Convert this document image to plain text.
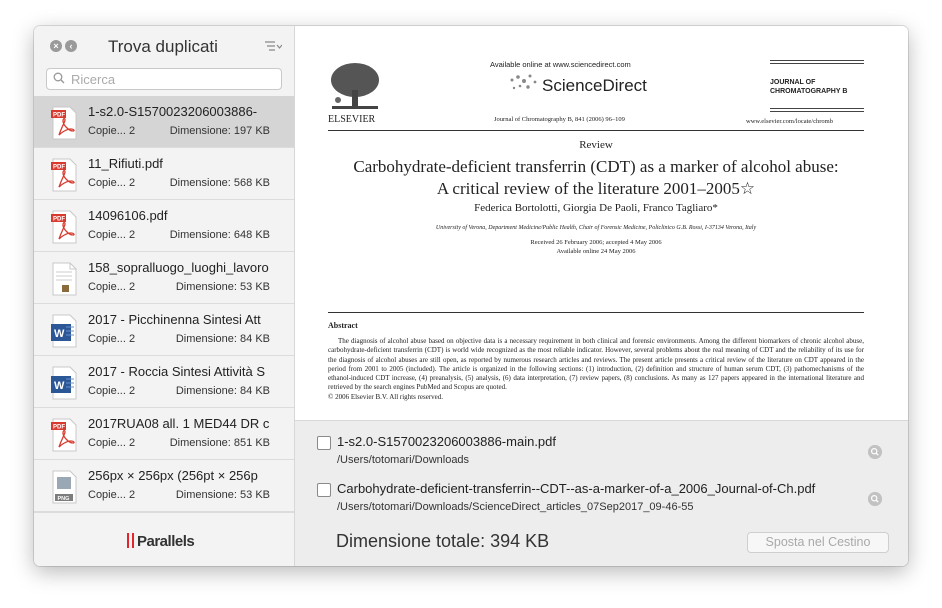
×	‹ Trova duplicati
Ricerca
PDF 1-s2.0-S1570023206003886-
Copie... 2	Dimensione: 197 KB
PDF 11_Rifiuti.pdf
Copie... 2	Dimensione: 568 KB
PDF 14096106.pdf
Copie... 2	Dimensione: 648 KB
158_sopralluogo_luoghi_lavoro
Copie... 2	Dimensione: 53 KB
W
2017 - Picchinenna Sintesi Att
Copie... 2	Dimensione: 84 KB
W
2017 - Roccia Sintesi Attività S
Copie... 2	Dimensione: 84 KB
PDF 2017RUA08 all. 1 MED44 DR c
Copie... 2	Dimensione: 851 KB
PNG
256px × 256px (256pt × 256p
Copie... 2	Dimensione: 53 KB
Parallels
ELSEVIER
Available online at www.sciencedirect.com
ScienceDirect
Journal of Chromatography B, 841 (2006) 96–109
JOURNAL OF
CHROMATOGRAPHY B
www.elsevier.com/locate/chromb
Review
Carbohydrate-deficient transferrin (CDT) as a marker of alcohol abuse:
A critical review of the literature 2001–2005☆
Federica Bortolotti, Giorgia De Paoli, Franco Tagliaro*
University of Verona, Department Medicine/Public Health, Chair of Forensic Medicine, Policlinico G.B. Rossi, I-37134 Verona, Italy
Received 26 February 2006; accepted 4 May 2006
Available online 24 May 2006
Abstract
The diagnosis of alcohol abuse based on objective data is a necessary requirement in both clinical and forensic environments. Among the different biomarkers of chronic alcohol abuse, carbohydrate-deficient transferrin (CDT) is world wide recognized as the most reliable indicator. However, several problems about the real meaning of CDT and the reliability of its use for the diagnosis of alcohol abuses are still open, as reported by numerous research articles and reviews. The present article presents a critical review of the literature on CDT appeared in the period from 2001 to 2005 (included). The article is organized in the following sections: (1) introduction, (2) definition and structure of human serum CDT, (3) pathomechanisms of the ethanol-induced CDT increase, (4) preanalysis, (5) analysis, (6) data interpretation, (7) review papers, (8) conclusions. As many as 127 papers appeared in the international literature and retrieved by the search engines PubMed and Scopus are quoted.
© 2006 Elsevier B.V. All rights reserved.
1-s2.0-S1570023206003886-main.pdf
/Users/totomari/Downloads
Carbohydrate-deficient-transferrin--CDT--as-a-marker-of-a_2006_Journal-of-Ch.pdf
/Users/totomari/Downloads/ScienceDirect_articles_07Sep2017_09-46-55
Dimensione totale: 394 KB	Sposta nel Cestino
